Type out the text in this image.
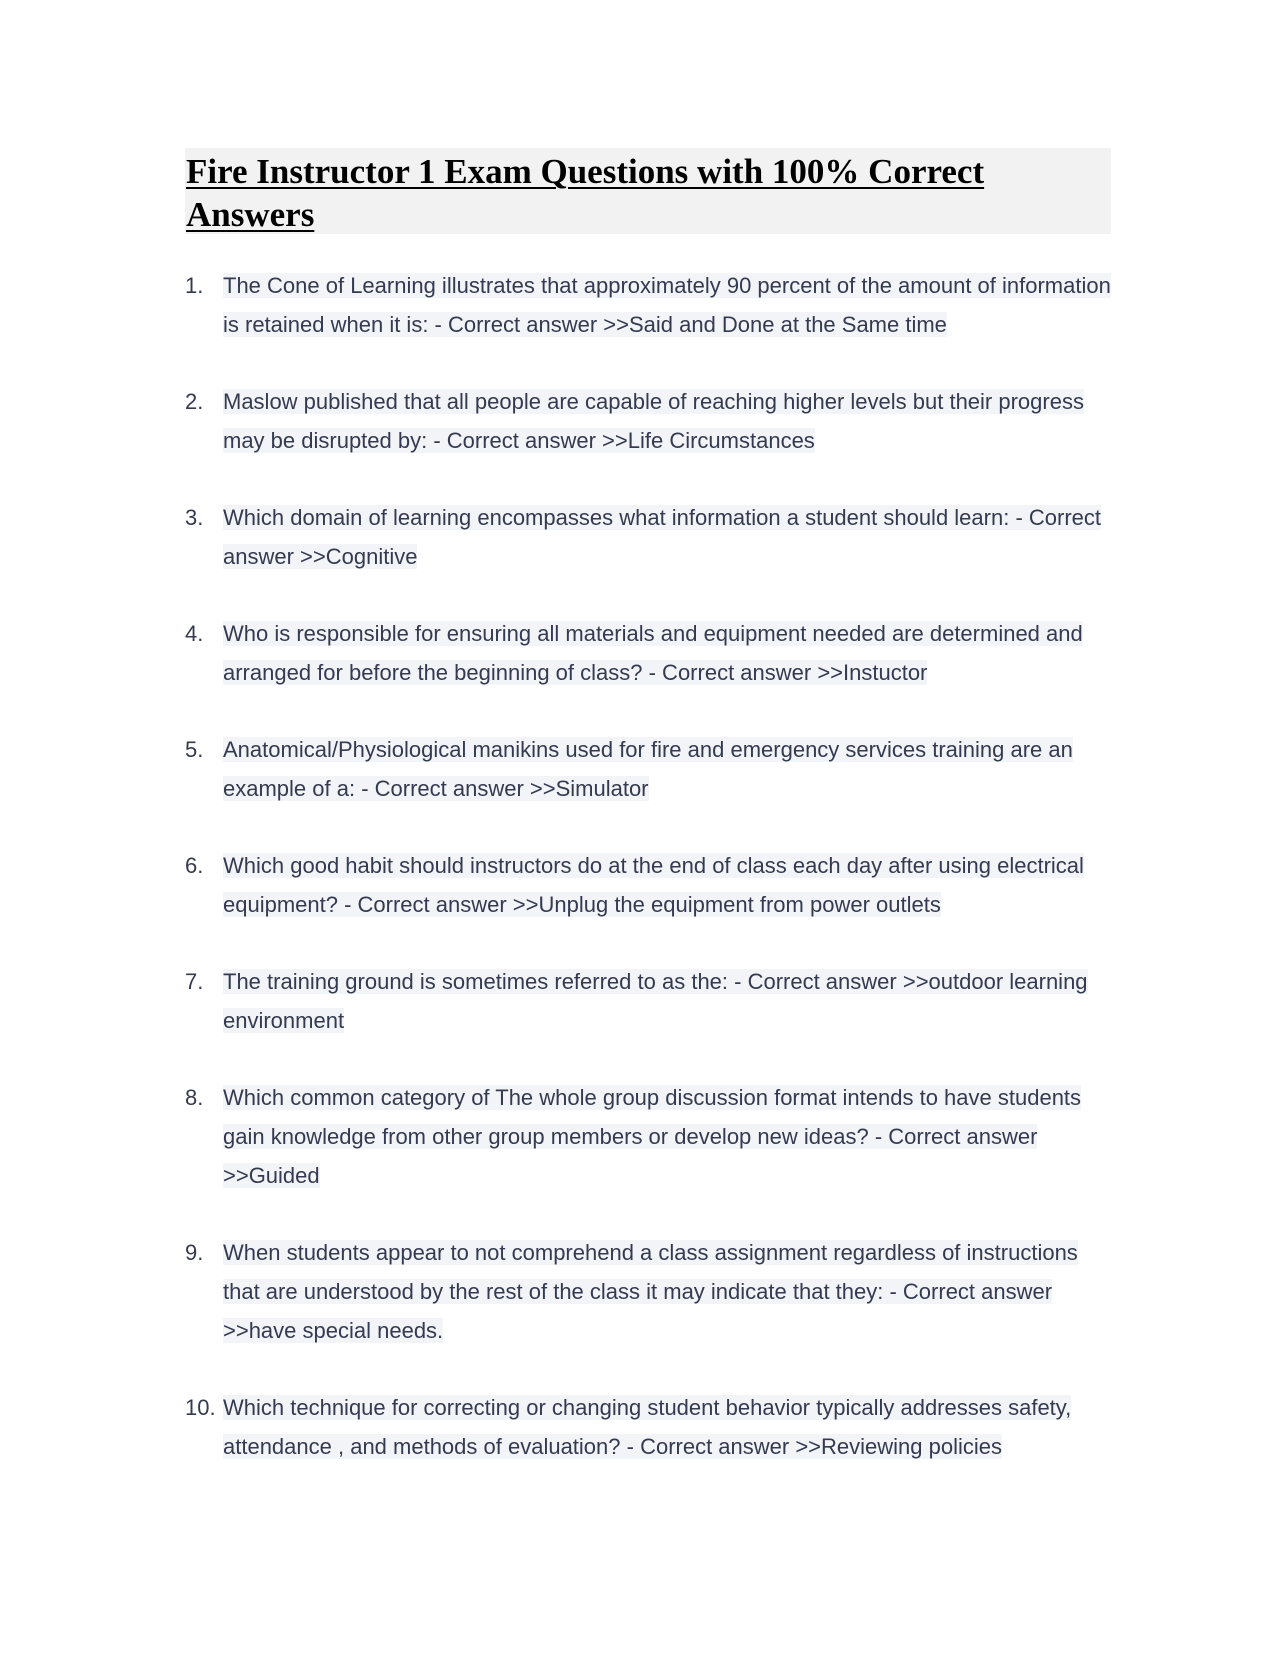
Fire Instructor 1 Exam Questions with 100% Correct Answers
1. The Cone of Learning illustrates that approximately 90 percent of the amount of information is retained when it is: - Correct answer >>Said and Done at the Same time
2. Maslow published that all people are capable of reaching higher levels but their progress may be disrupted by: - Correct answer >>Life Circumstances
3. Which domain of learning encompasses what information a student should learn: - Correct answer >>Cognitive
4. Who is responsible for ensuring all materials and equipment needed are determined and arranged for before the beginning of class? - Correct answer >>Instuctor
5. Anatomical/Physiological manikins used for fire and emergency services training are an example of a: - Correct answer >>Simulator
6. Which good habit should instructors do at the end of class each day after using electrical equipment? - Correct answer >>Unplug the equipment from power outlets
7. The training ground is sometimes referred to as the: - Correct answer >>outdoor learning environment
8. Which common category of The whole group discussion format intends to have students gain knowledge from other group members or develop new ideas? - Correct answer >>Guided
9. When students appear to not comprehend a class assignment regardless of instructions that are understood by the rest of the class it may indicate that they: - Correct answer >>have special needs.
10. Which technique for correcting or changing student behavior typically addresses safety, attendance , and methods of evaluation? - Correct answer >>Reviewing policies
